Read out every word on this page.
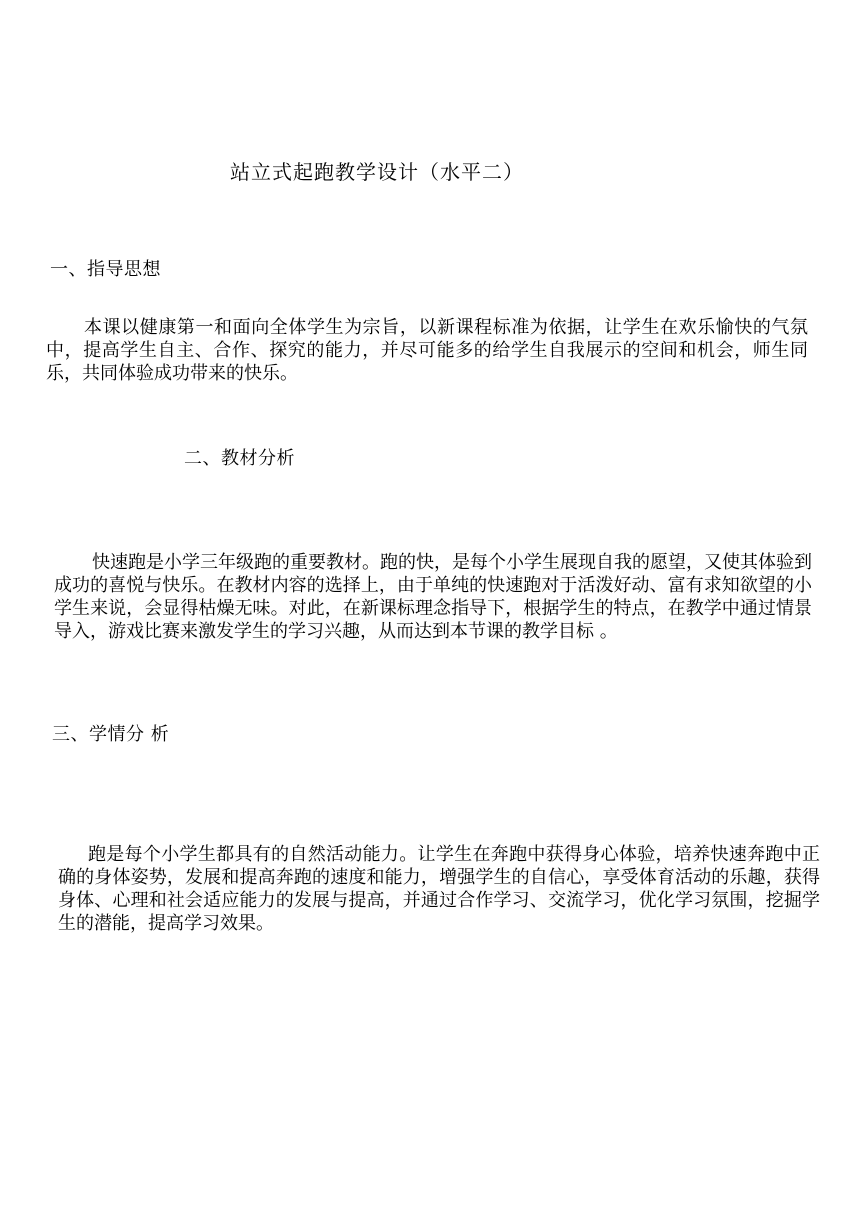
站立式起跑教学设计（水平二）
一、指导思想
本课以健康第一和面向全体学生为宗旨，以新课程标准为依据，让学生在欢乐愉快的气氛中，提高学生自主、合作、探究的能力，并尽可能多的给学生自我展示的空间和机会，师生同乐，共同体验成功带来的快乐。
二、教材分析
快速跑是小学三年级跑的重要教材。跑的快，是每个小学生展现自我的愿望，又使其体验到成功的喜悦与快乐。在教材内容的选择上，由于单纯的快速跑对于活泼好动、富有求知欲望的小学生来说，会显得枯燥无味。对此，在新课标理念指导下，根据学生的特点，在教学中通过情景导入，游戏比赛来激发学生的学习兴趣，从而达到本节课的教学目标 。
三、学情分 析
跑是每个小学生都具有的自然活动能力。让学生在奔跑中获得身心体验，培养快速奔跑中正确的身体姿势，发展和提高奔跑的速度和能力，增强学生的自信心，享受体育活动的乐趣，获得身体、心理和社会适应能力的发展与提高，并通过合作学习、交流学习，优化学习氛围，挖掘学生的潜能，提高学习效果。
